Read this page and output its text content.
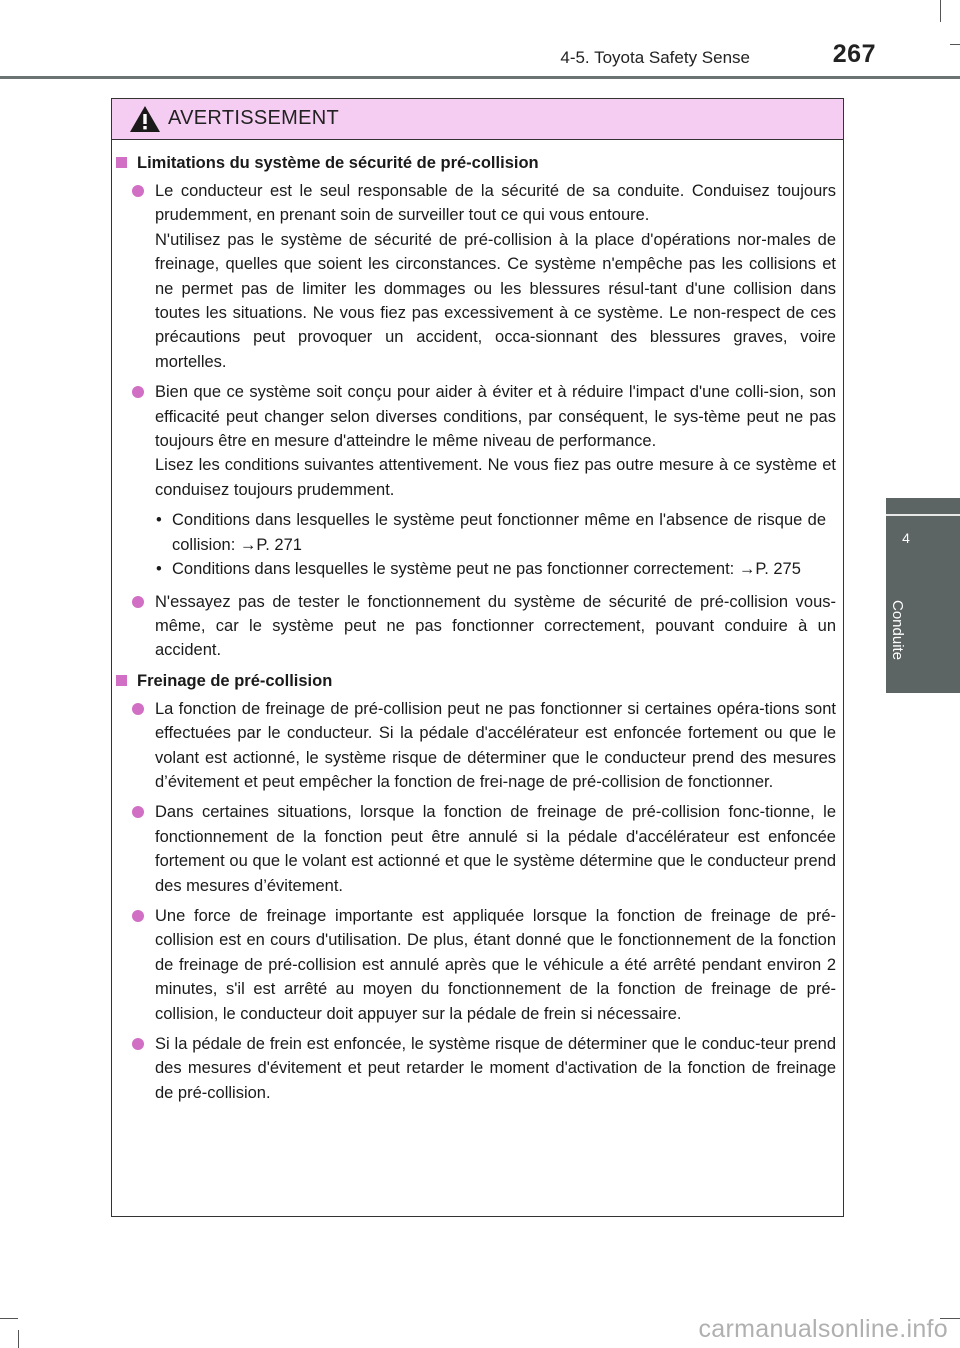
4-5. Toyota Safety Sense	267
4
Conduite
AVERTISSEMENT
Limitations du système de sécurité de pré-collision
Le conducteur est le seul responsable de la sécurité de sa conduite. Conduisez toujours prudemment, en prenant soin de surveiller tout ce qui vous entoure.
N'utilisez pas le système de sécurité de pré-collision à la place d'opérations nor-males de freinage, quelles que soient les circonstances. Ce système n'empêche pas les collisions et ne permet pas de limiter les dommages ou les blessures résul-tant d'une collision dans toutes les situations. Ne vous fiez pas excessivement à ce système. Le non-respect de ces précautions peut provoquer un accident, occa-sionnant des blessures graves, voire mortelles.
Bien que ce système soit conçu pour aider à éviter et à réduire l'impact d'une colli-sion, son efficacité peut changer selon diverses conditions, par conséquent, le sys-tème peut ne pas toujours être en mesure d'atteindre le même niveau de performance.
Lisez les conditions suivantes attentivement. Ne vous fiez pas outre mesure à ce système et conduisez toujours prudemment.
• Conditions dans lesquelles le système peut fonctionner même en l'absence de risque de collision: →P. 271
• Conditions dans lesquelles le système peut ne pas fonctionner correctement: →P. 275
N'essayez pas de tester le fonctionnement du système de sécurité de pré-collision vous-même, car le système peut ne pas fonctionner correctement, pouvant conduire à un accident.
Freinage de pré-collision
La fonction de freinage de pré-collision peut ne pas fonctionner si certaines opéra-tions sont effectuées par le conducteur. Si la pédale d'accélérateur est enfoncée fortement ou que le volant est actionné, le système risque de déterminer que le conducteur prend des mesures d’évitement et peut empêcher la fonction de frei-nage de pré-collision de fonctionner.
Dans certaines situations, lorsque la fonction de freinage de pré-collision fonc-tionne, le fonctionnement de la fonction peut être annulé si la pédale d'accélérateur est enfoncée fortement ou que le volant est actionné et que le système détermine que le conducteur prend des mesures d’évitement.
Une force de freinage importante est appliquée lorsque la fonction de freinage de pré-collision est en cours d'utilisation. De plus, étant donné que le fonctionnement de la fonction de freinage de pré-collision est annulé après que le véhicule a été arrêté pendant environ 2 minutes, s'il est arrêté au moyen du fonctionnement de la fonction de freinage de pré-collision, le conducteur doit appuyer sur la pédale de frein si nécessaire.
Si la pédale de frein est enfoncée, le système risque de déterminer que le conduc-teur prend des mesures d'évitement et peut retarder le moment d'activation de la fonction de freinage de pré-collision.
carmanualsonline.info
